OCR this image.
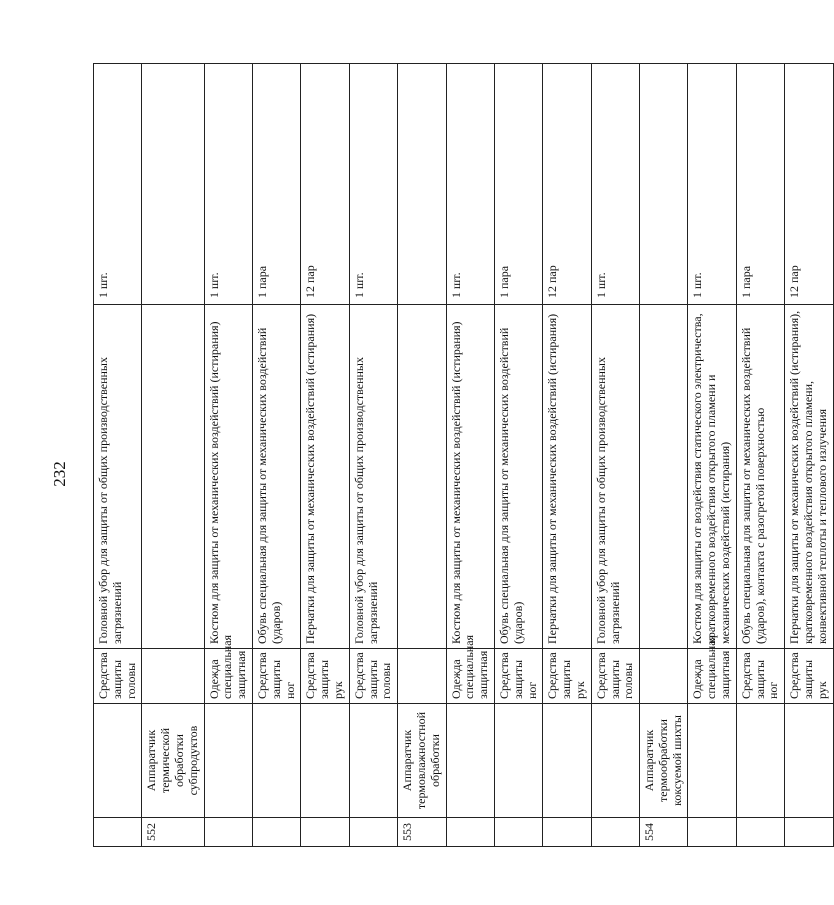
232
		Средства защиты головы	Головной убор для защиты от общих производственных загрязнений	1 шт.
552	Аппаратчик термической обработки субпродуктов			
		Одежда специальная защитная	Костюм для защиты от механических воздействий (истирания)	1 шт.
		Средства защиты ног	Обувь специальная для защиты от механических воздействий (ударов)	1 пара
		Средства защиты рук	Перчатки для защиты от механических воздействий (истирания)	12 пар
		Средства защиты головы	Головной убор для защиты от общих производственных загрязнений	1 шт.
553	Аппаратчик термовлажностной обработки			
		Одежда специальная защитная	Костюм для защиты от механических воздействий (истирания)	1 шт.
		Средства защиты ног	Обувь специальная для защиты от механических воздействий (ударов)	1 пара
		Средства защиты рук	Перчатки для защиты от механических воздействий (истирания)	12 пар
		Средства защиты головы	Головной убор для защиты от общих производственных загрязнений	1 шт.
554	Аппаратчик термообработки коксуемой шихты			
		Одежда специальная защитная	Костюм для защиты от воздействия статического электричества, кратковременного воздействия открытого пламени и механических воздействий (истирания)	1 шт.
		Средства защиты ног	Обувь специальная для защиты от механических воздействий (ударов), контакта с разогретой поверхностью	1 пара
		Средства защиты рук	Перчатки для защиты от механических воздействий (истирания), кратковременного воздействия открытого пламени, конвективной теплоты и теплового излучения	12 пар
